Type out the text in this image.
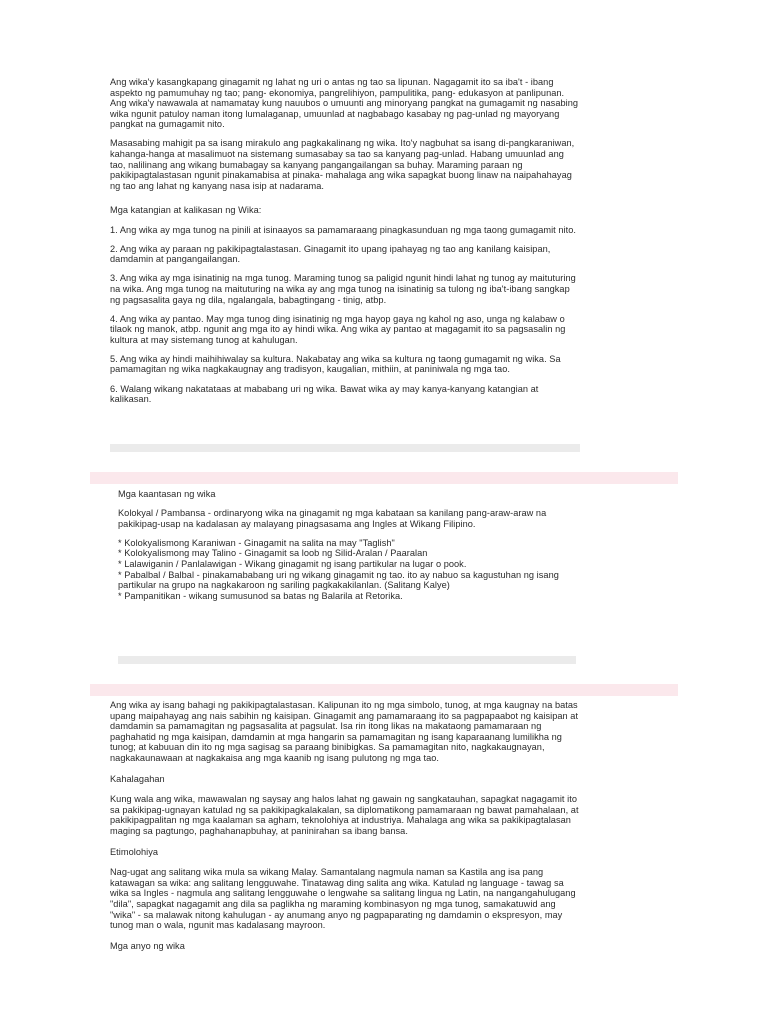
Ang wika'y kasangkapang ginagamit ng lahat ng uri o antas ng tao sa lipunan. Nagagamit ito sa iba't - ibang aspekto ng pamumuhay ng tao; pang- ekonomiya, pangrelihiyon, pampulitika, pang- edukasyon at panlipunan. Ang wika'y nawawala at namamatay kung nauubos o umuunti ang minoryang pangkat na gumagamit ng nasabing wika ngunit patuloy naman itong lumalaganap, umuunlad at nagbabago kasabay ng pag-unlad ng mayoryang pangkat na gumagamit nito.

Masasabing mahigit pa sa isang mirakulo ang pagkakalinang ng wika. Ito'y nagbuhat sa isang di-pangkaraniwan, kahanga-hanga at masalimuot na sistemang sumasabay sa tao sa kanyang pag-unlad. Habang umuunlad ang tao, nalilinang ang wikang bumabagay sa kanyang pangangailangan sa buhay. Maraming paraan ng pakikipagtalastasan ngunit pinakamabisa at pinaka- mahalaga ang wika sapagkat buong linaw na naipahahayag ng tao ang lahat ng kanyang nasa isip at nadarama.

Mga katangian at kalikasan ng Wika:

1. Ang wika ay mga tunog na pinili at isinaayos sa pamamaraang pinagkasunduan ng mga taong gumagamit nito.

2. Ang wika ay paraan ng pakikipagtalastasan. Ginagamit ito upang ipahayag ng tao ang kanilang kaisipan, damdamin at pangangailangan.

3. Ang wika ay mga isinatinig na mga tunog. Maraming tunog sa paligid ngunit hindi lahat ng tunog ay maituturing na wika. Ang mga tunog na maituturing na wika ay ang mga tunog na isinatinig sa tulong ng iba't-ibang sangkap ng pagsasalita gaya ng dila, ngalangala, babagtingang - tinig, atbp.

4. Ang wika ay pantao. May mga tunog ding isinatinig ng mga hayop gaya ng kahol ng aso, unga ng kalabaw o tilaok ng manok, atbp. ngunit ang mga ito ay hindi wika. Ang wika ay pantao at magagamit ito sa pagsasalin ng kultura at may sistemang tunog at kahulugan.

5. Ang wika ay hindi maihihiwalay sa kultura. Nakabatay ang wika sa kultura ng taong gumagamit ng wika. Sa pamamagitan ng wika nagkakaugnay ang tradisyon, kaugalian, mithiin, at paniniwala ng mga tao.

6. Walang wikang nakatataas at mababang uri ng wika. Bawat wika ay may kanya-kanyang katangian at kalikasan.

Mga kaantasan ng wika

Kolokyal / Pambansa - ordinaryong wika na ginagamit ng mga kabataan sa kanilang pang-araw-araw na pakikipag-usap na kadalasan ay malayang pinagsasama ang Ingles at Wikang Filipino.

* Kolokyalismong Karaniwan - Ginagamit na salita na may "Taglish"

* Kolokyalismong may Talino - Ginagamit sa loob ng Silid-Aralan / Paaralan

* Lalawiganin / Panlalawigan - Wikang ginagamit ng isang partikular na lugar o pook.

* Pabalbal / Balbal - pinakamababang uri ng wikang ginagamit ng tao. ito ay nabuo sa kagustuhan ng isang partikular na grupo na nagkakaroon ng sariling pagkakakilanlan. (Salitang Kalye)

* Pampanitikan - wikang sumusunod sa batas ng Balarila at Retorika.

Ang wika ay isang bahagi ng pakikipagtalastasan. Kalipunan ito ng mga simbolo, tunog, at mga kaugnay na batas upang maipahayag ang nais sabihin ng kaisipan. Ginagamit ang pamamaraang ito sa pagpapaabot ng kaisipan at damdamin sa pamamagitan ng pagsasalita at pagsulat. Isa rin itong likas na makataong pamamaraan ng paghahatid ng mga kaisipan, damdamin at mga hangarin sa pamamagitan ng isang kaparaanang lumilikha ng tunog; at kabuuan din ito ng mga sagisag sa paraang binibigkas. Sa pamamagitan nito, nagkakaugnayan, nagkakaunawaan at nagkakaisa ang mga kaanib ng isang pulutong ng mga tao.

Kahalagahan

Kung wala ang wika, mawawalan ng saysay ang halos lahat ng gawain ng sangkatauhan, sapagkat nagagamit ito sa pakikipag-ugnayan katulad ng sa pakikipagkalakalan, sa diplomatikong pamamaraan ng bawat pamahalaan, at pakikipagpalitan ng mga kaalaman sa agham, teknolohiya at industriya. Mahalaga ang wika sa pakikipagtalasan maging sa pagtungo, paghahanapbuhay, at paninirahan sa ibang bansa.

Etimolohiya

Nag-ugat ang salitang wika mula sa wikang Malay. Samantalang nagmula naman sa Kastila ang isa pang katawagan sa wika: ang salitang lengguwahe. Tinatawag ding salita ang wika. Katulad ng language - tawag sa wika sa Ingles - nagmula ang salitang lengguwahe o lengwahe sa salitang lingua ng Latin, na nangangahulugang "dila", sapagkat nagagamit ang dila sa paglikha ng maraming kombinasyon ng mga tunog, samakatuwid ang "wika" - sa malawak nitong kahulugan - ay anumang anyo ng pagpaparating ng damdamin o ekspresyon, may tunog man o wala, ngunit mas kadalasang mayroon.

Mga anyo ng wika
